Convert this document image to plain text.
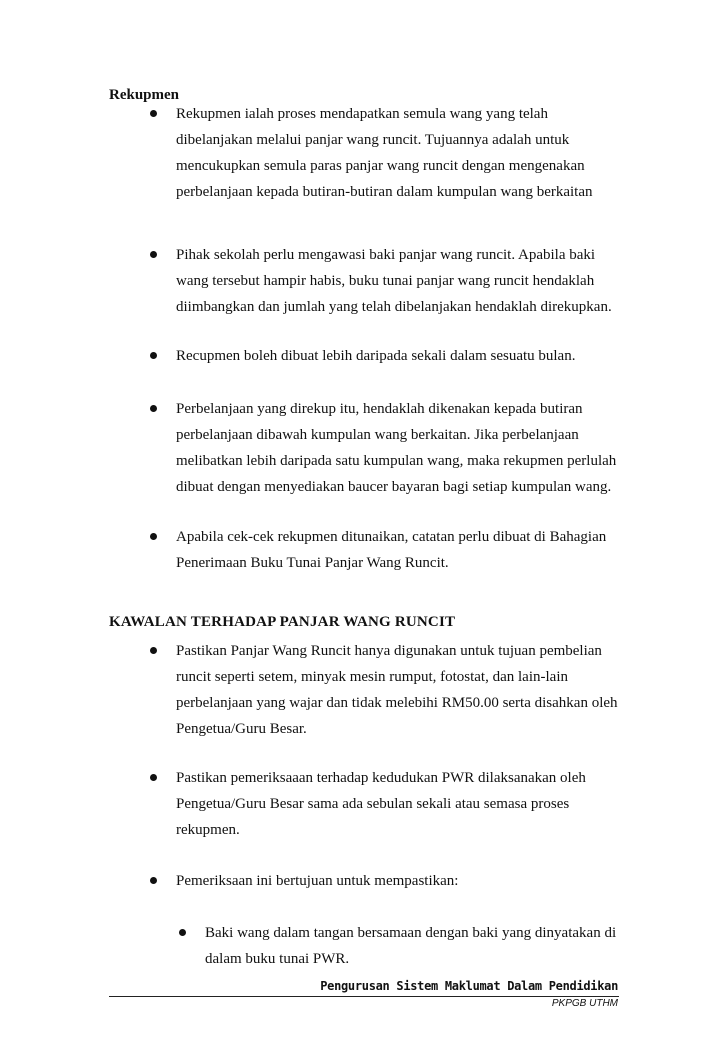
Rekupmen
Rekupmen ialah proses mendapatkan semula wang yang telah
dibelanjakan melalui panjar wang runcit. Tujuannya adalah untuk
mencukupkan semula paras panjar wang runcit dengan mengenakan
perbelanjaan kepada butiran-butiran dalam kumpulan wang berkaitan
Pihak sekolah perlu mengawasi baki panjar wang runcit. Apabila baki
wang tersebut hampir habis, buku tunai panjar wang runcit hendaklah
diimbangkan dan jumlah yang telah dibelanjakan hendaklah direkupkan.
Recupmen boleh dibuat lebih daripada sekali dalam sesuatu bulan.
Perbelanjaan yang direkup itu, hendaklah dikenakan kepada butiran
perbelanjaan dibawah kumpulan wang berkaitan. Jika perbelanjaan
melibatkan lebih daripada satu kumpulan wang, maka rekupmen perlulah
dibuat dengan menyediakan baucer bayaran bagi setiap kumpulan wang.
Apabila cek-cek rekupmen ditunaikan, catatan perlu dibuat di Bahagian
Penerimaan Buku Tunai Panjar Wang Runcit.
KAWALAN TERHADAP PANJAR WANG RUNCIT
Pastikan Panjar Wang Runcit hanya digunakan untuk tujuan pembelian
runcit seperti setem, minyak mesin rumput, fotostat, dan lain-lain
perbelanjaan yang wajar dan tidak melebihi RM50.00 serta disahkan oleh
Pengetua/Guru Besar.
Pastikan pemeriksaaan terhadap kedudukan PWR dilaksanakan oleh
Pengetua/Guru Besar sama ada sebulan sekali atau semasa proses
rekupmen.
Pemeriksaan ini bertujuan untuk mempastikan:
Baki wang dalam tangan bersamaan dengan baki yang dinyatakan di
dalam buku tunai PWR.
Pengurusan Sistem Maklumat Dalam Pendidikan
PKPGB UTHM
